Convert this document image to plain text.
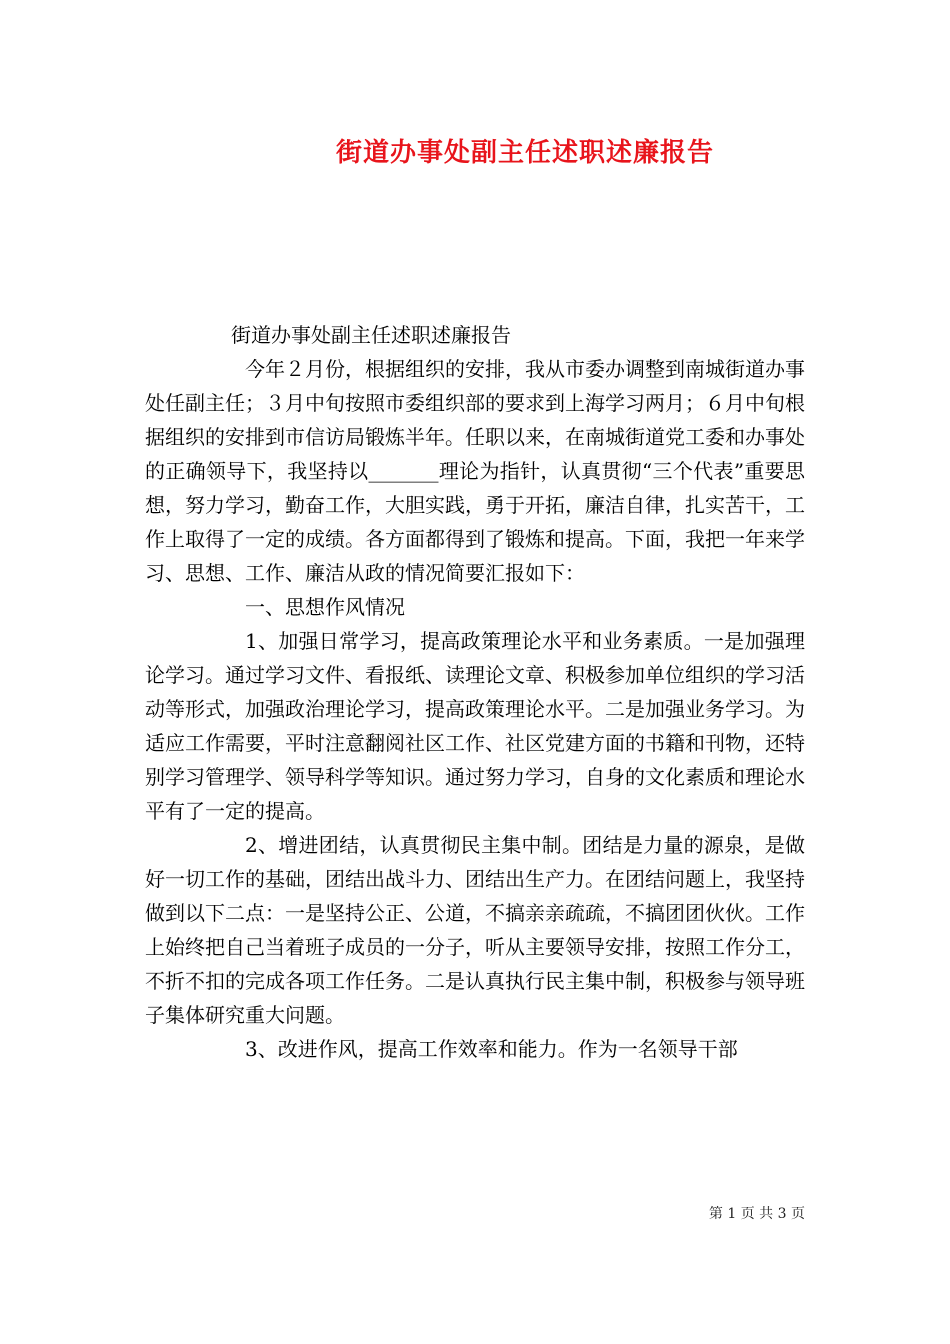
街道办事处副主任述职述廉报告

街道办事处副主任述职述廉报告

今年２月份，根据组织的安排，我从市委办调整到南城街道办事处任副主任；３月中旬按照市委组织部的要求到上海学习两月；６月中旬根据组织的安排到市信访局锻炼半年。任职以来，在南城街道党工委和办事处的正确领导下，我坚持以_______理论为指针，认真贯彻“三个代表”重要思想，努力学习，勤奋工作，大胆实践，勇于开拓，廉洁自律，扎实苦干，工作上取得了一定的成绩。各方面都得到了锻炼和提高。下面，我把一年来学习、思想、工作、廉洁从政的情况简要汇报如下：

一、思想作风情况

1、加强日常学习，提高政策理论水平和业务素质。一是加强理论学习。通过学习文件、看报纸、读理论文章、积极参加单位组织的学习活动等形式，加强政治理论学习，提高政策理论水平。二是加强业务学习。为适应工作需要，平时注意翻阅社区工作、社区党建方面的书籍和刊物，还特别学习管理学、领导科学等知识。通过努力学习，自身的文化素质和理论水平有了一定的提高。

2、增进团结，认真贯彻民主集中制。团结是力量的源泉，是做好一切工作的基础，团结出战斗力、团结出生产力。在团结问题上，我坚持做到以下二点：一是坚持公正、公道，不搞亲亲疏疏，不搞团团伙伙。工作上始终把自己当着班子成员的一分子，听从主要领导安排，按照工作分工，不折不扣的完成各项工作任务。二是认真执行民主集中制，积极参与领导班子集体研究重大问题。

3、改进作风，提高工作效率和能力。作为一名领导干部

第 1 页 共 3 页
